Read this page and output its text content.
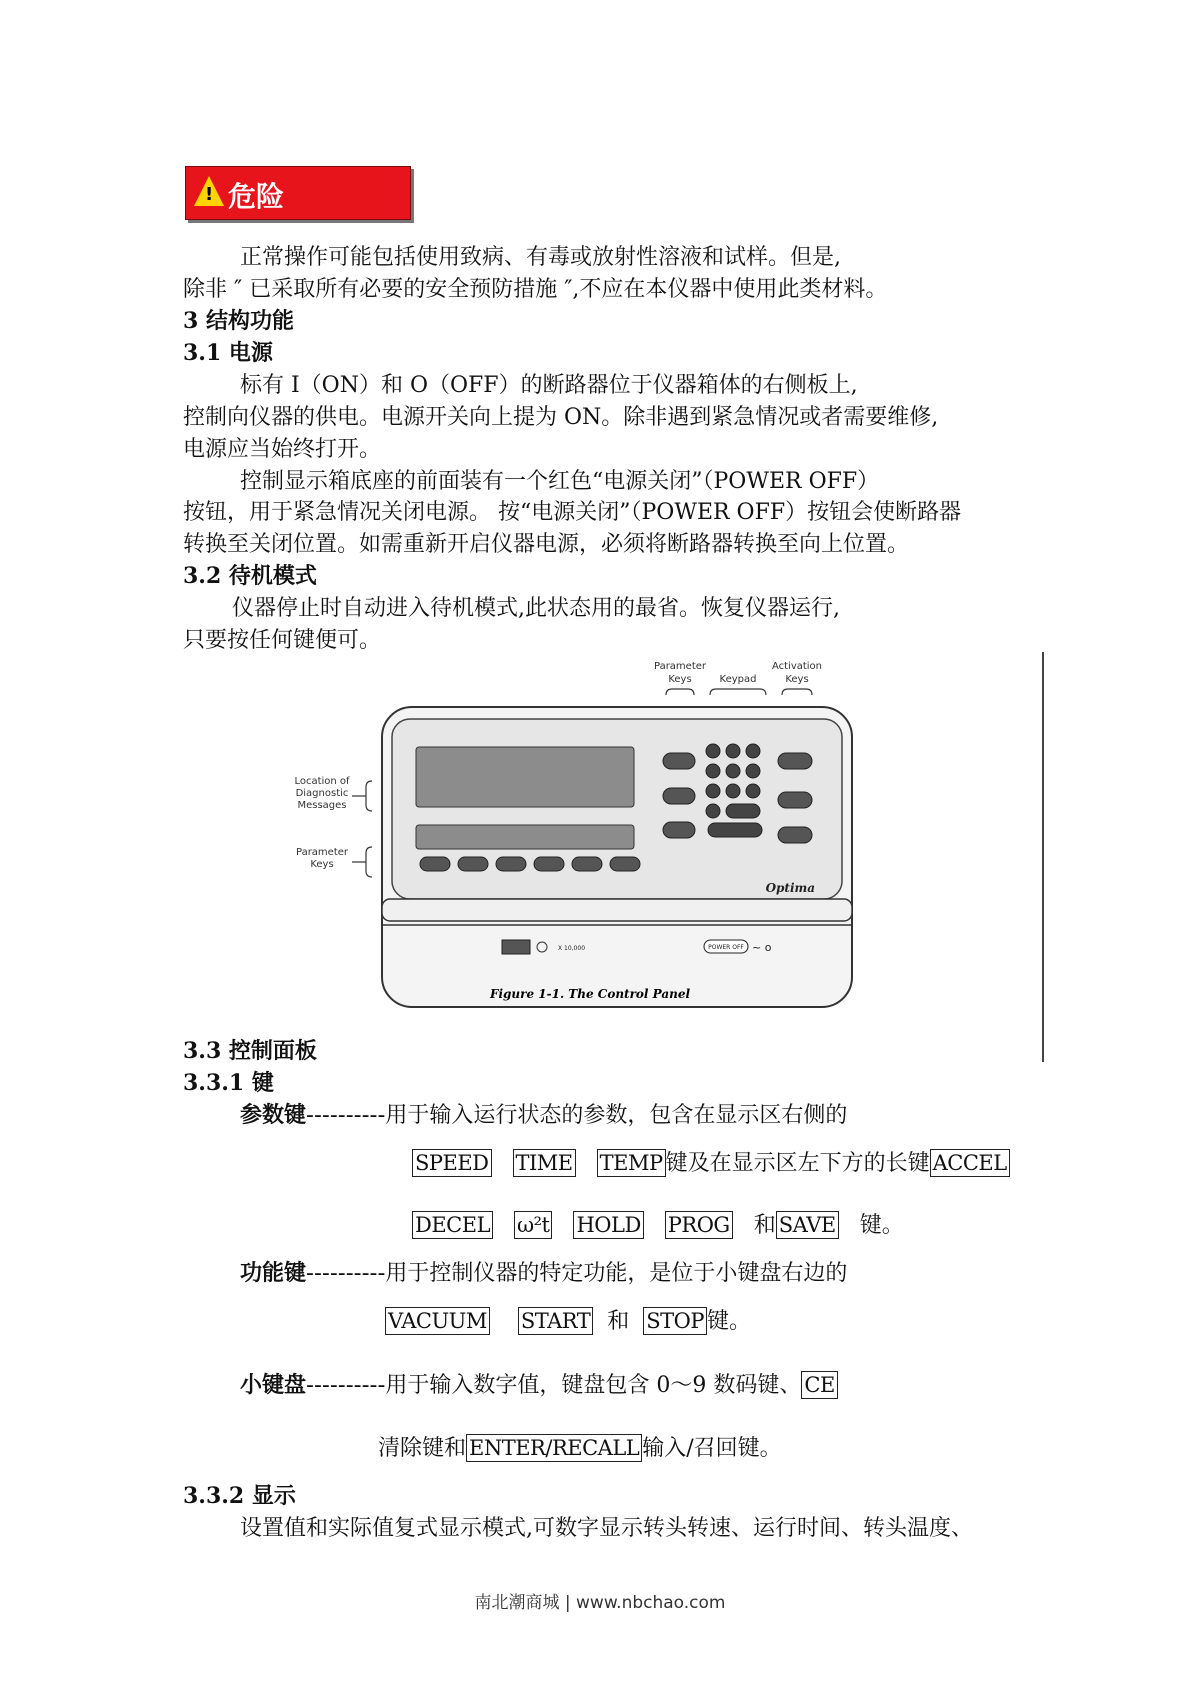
! 危险
正常操作可能包括使用致病、有毒或放射性溶液和试样。但是,
除非 ″ 已采取所有必要的安全预防措施 ″,不应在本仪器中使用此类材料。
3 结构功能
3.1 电源
标有 I（ON）和 O（OFF）的断路器位于仪器箱体的右侧板上,
控制向仪器的供电。电源开关向上提为 ON。除非遇到紧急情况或者需要维修,
电源应当始终打开。
控制显示箱底座的前面装有一个红色“电源关闭”（POWER OFF）
按钮，用于紧急情况关闭电源。 按“电源关闭”（POWER OFF）按钮会使断路器
转换至关闭位置。如需重新开启仪器电源，必须将断路器转换至向上位置。
3.2 待机模式
仪器停止时自动进入待机模式,此状态用的最省。恢复仪器运行,
只要按任何键便可。
Parameter
Keys	Keypad
Activation
Keys
Location of
Diagnostic
Messages
Parameter
Keys
Optima
X 10,000	POWER OFF ~ o
Figure 1-1. The Control Panel
3.3 控制面板
3.3.1 键
参数键----------用于输入运行状态的参数，包含在显示区右侧的
SPEED TIME TEMP 键及在显示区左下方的长键 ACCEL
DECEL ω²t HOLD PROG 和 SAVE 键。
功能键----------用于控制仪器的特定功能，是位于小键盘右边的
VACUUM START 和 STOP 键。
小键盘----------用于输入数字值，键盘包含 0～9 数码键、 CE
清除键和 ENTER/RECALL 输入/召回键。
3.3.2 显示
设置值和实际值复式显示模式,可数字显示转头转速、运行时间、转头温度、
南北潮商城 | www.nbchao.com
